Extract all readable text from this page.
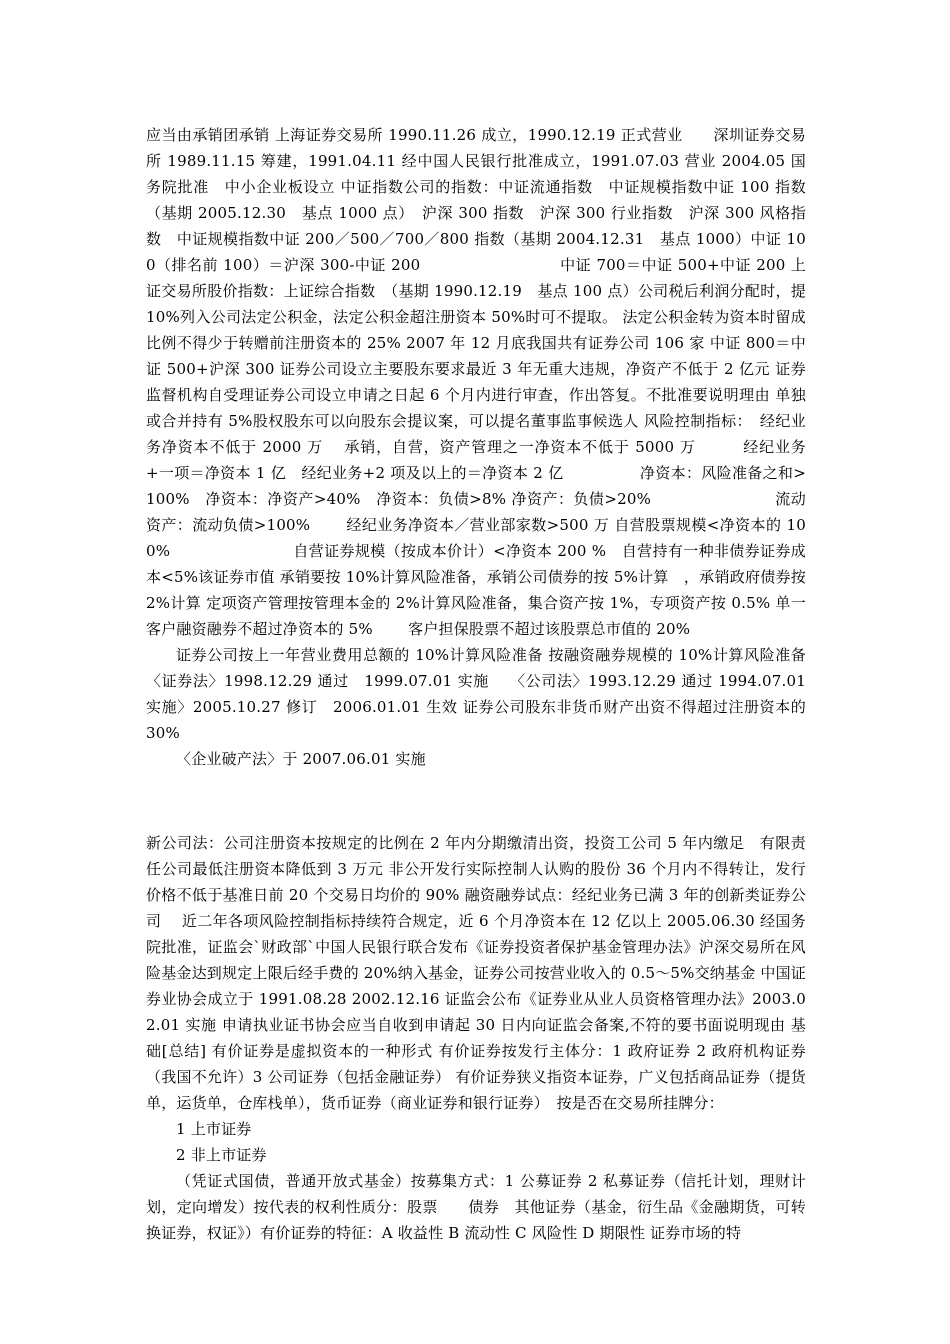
应当由承销团承销 上海证券交易所 1990.11.26 成立，1990.12.19 正式营业　　深圳证券交易所 1989.11.15 筹建，1991.04.11 经中国人民银行批准成立，1991.07.03 营业 2004.05 国务院批准　中小企业板设立 中证指数公司的指数：中证流通指数　中证规模指数中证 100 指数（基期 2005.12.30　基点 1000 点）　沪深 300 指数　沪深 300 行业指数　沪深 300 风格指数　中证规模指数中证 200／500／700／800 指数（基期 2004.12.31　基点 1000）中证 100（排名前 100）＝沪深 300-中证 200　　　　　　　　　中证 700＝中证 500+中证 200 上证交易所股价指数：上证综合指数　（基期 1990.12.19　基点 100 点）公司税后利润分配时，提 10%列入公司法定公积金，法定公积金超注册资本 50%时可不提取。 法定公积金转为资本时留成比例不得少于转赠前注册资本的 25% 2007 年 12 月底我国共有证券公司 106 家 中证 800＝中证 500+沪深 300 证券公司设立主要股东要求最近 3 年无重大违规，净资产不低于 2 亿元 证券监督机构自受理证券公司设立申请之日起 6 个月内进行审查，作出答复。不批准要说明理由 单独或合并持有 5%股权股东可以向股东会提议案，可以提名董事监事候选人 风险控制指标：　经纪业务净资本不低于 2000 万　 承销，自营，资产管理之一净资本不低于 5000 万　　　经纪业务+一项＝净资本 1 亿　经纪业务+2 项及以上的＝净资本 2 亿　　　　　净资本：风险准备之和>100%　净资本：净资产>40%　净资本：负债>8% 净资产：负债>20%　　　　　　　　流动资产：流动负债>100%　　 经纪业务净资本／营业部家数>500 万 自营股票规模<净资本的 100%　　　　　　　　自营证券规模（按成本价计）<净资本 200 %　自营持有一种非债券证券成本<5%该证券市值 承销要按 10%计算风险准备，承销公司债券的按 5%计算　，承销政府债券按 2%计算 定项资产管理按管理本金的 2%计算风险准备，集合资产按 1%，专项资产按 0.5% 单一客户融资融券不超过净资本的 5%　　 客户担保股票不超过该股票总市值的 20%

证券公司按上一年营业费用总额的 10%计算风险准备 按融资融券规模的 10%计算风险准备 〈证券法〉1998.12.29 通过　1999.07.01 实施　 〈公司法〉1993.12.29 通过 1994.07.01 实施〉2005.10.27 修订　2006.01.01 生效 证券公司股东非货币财产出资不得超过注册资本的 30%

〈企业破产法〉于 2007.06.01 实施

新公司法：公司注册资本按规定的比例在 2 年内分期缴清出资，投资工公司 5 年内缴足　有限责任公司最低注册资本降低到 3 万元 非公开发行实际控制人认购的股份 36 个月内不得转让，发行价格不低于基准日前 20 个交易日均价的 90% 融资融券试点：经纪业务已满 3 年的创新类证券公司　 近二年各项风险控制指标持续符合规定，近 6 个月净资本在 12 亿以上 2005.06.30 经国务院批准，证监会`财政部`中国人民银行联合发布《证券投资者保护基金管理办法》沪深交易所在风险基金达到规定上限后经手费的 20%纳入基金，证券公司按营业收入的 0.5～5%交纳基金 中国证券业协会成立于 1991.08.28 2002.12.16 证监会公布《证券业从业人员资格管理办法》2003.02.01 实施 申请执业证书协会应当自收到申请起 30 日内向证监会备案,不符的要书面说明现由 基础[总结] 有价证券是虚拟资本的一种形式 有价证券按发行主体分：1 政府证券 2 政府机构证券（我国不允许）3 公司证券（包括金融证券） 有价证券狭义指资本证券，广义包括商品证券（提货单，运货单，仓库栈单），货币证券（商业证券和银行证券）　按是否在交易所挂牌分：

1 上市证券

2 非上市证券

（凭证式国债，普通开放式基金）按募集方式：1 公募证券 2 私募证券（信托计划，理财计划，定向增发）按代表的权利性质分：股票　　债券　其他证券（基金，衍生品《金融期货，可转换证券，权证》）有价证券的特征：A 收益性 B 流动性 C 风险性 D 期限性 证券市场的特
